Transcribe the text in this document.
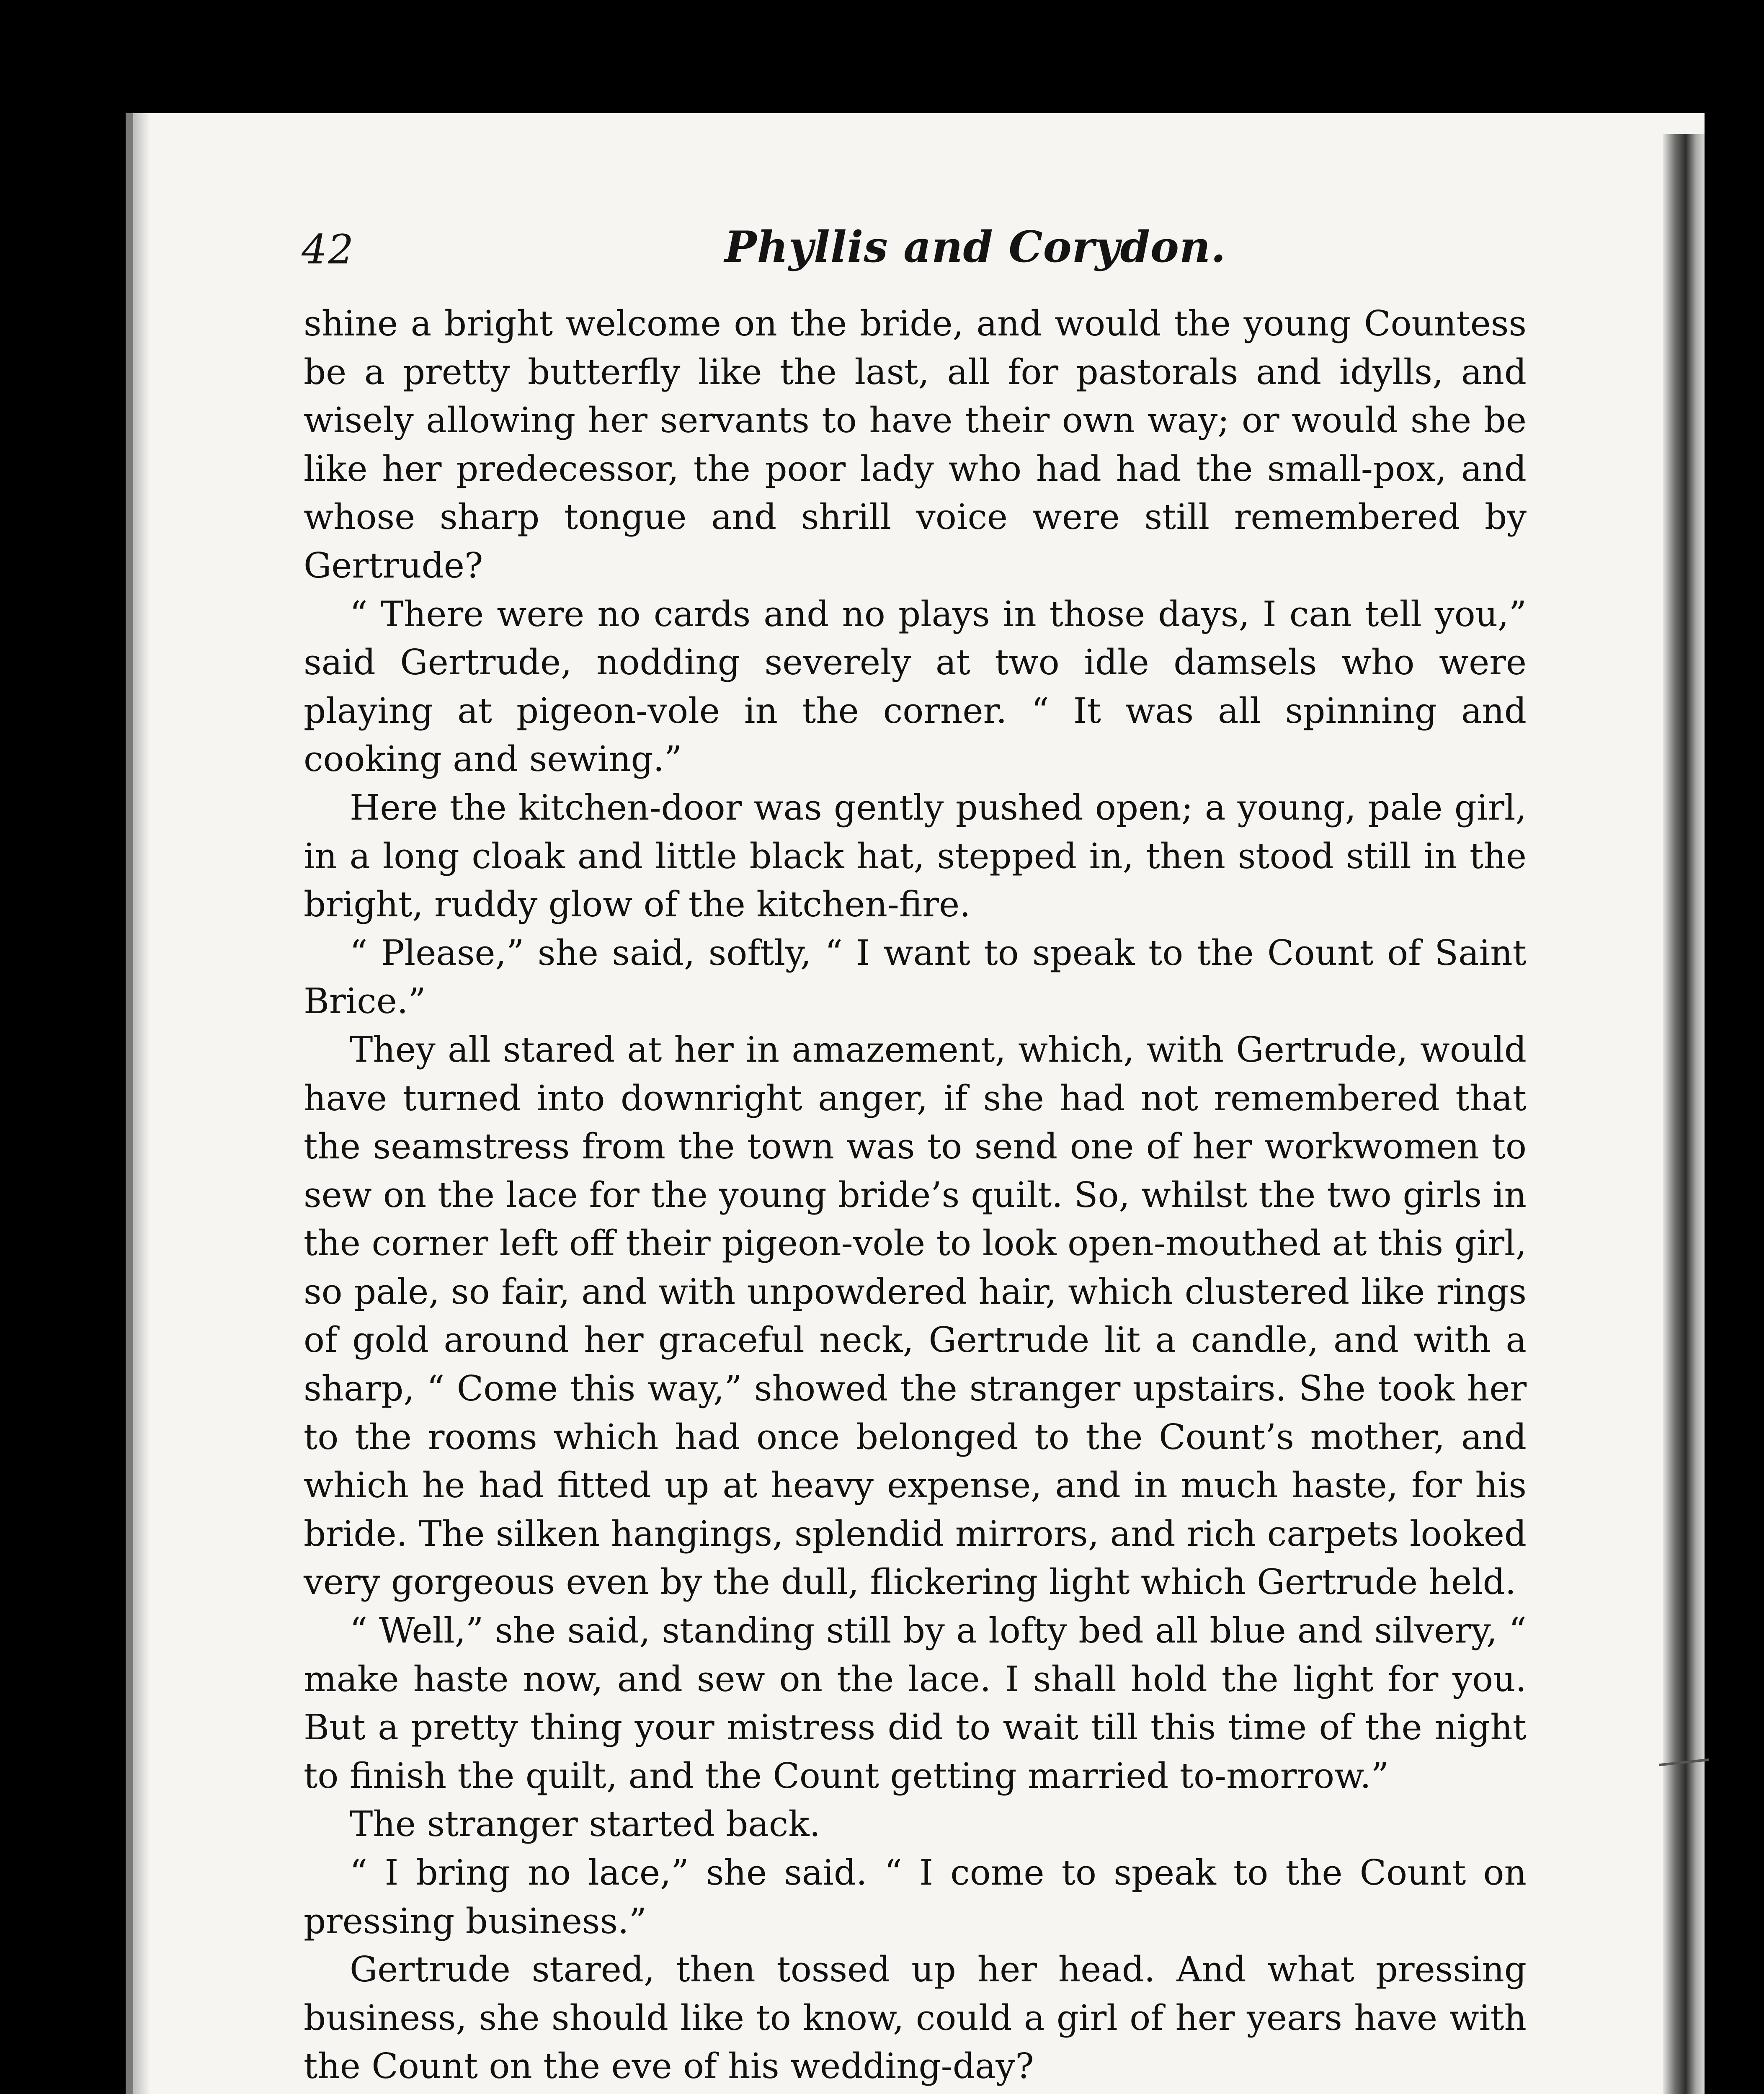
42	Phyllis and Corydon.

shine a bright welcome on the bride, and would the young Countess be a pretty butterfly like the last, all for pastorals and idylls, and wisely allowing her servants to have their own way; or would she be like her predecessor, the poor lady who had had the small-pox, and whose sharp tongue and shrill voice were still remembered by Gertrude?

“ There were no cards and no plays in those days, I can tell you,” said Gertrude, nodding severely at two idle damsels who were playing at pigeon-vole in the corner. “ It was all spinning and cooking and sewing.”

Here the kitchen-door was gently pushed open; a young, pale girl, in a long cloak and little black hat, stepped in, then stood still in the bright, ruddy glow of the kitchen-fire.

“ Please,” she said, softly, “ I want to speak to the Count of Saint Brice.”

They all stared at her in amazement, which, with Gertrude, would have turned into downright anger, if she had not remembered that the seamstress from the town was to send one of her workwomen to sew on the lace for the young bride’s quilt. So, whilst the two girls in the corner left off their pigeon-vole to look open-mouthed at this girl, so pale, so fair, and with unpowdered hair, which clustered like rings of gold around her graceful neck, Gertrude lit a candle, and with a sharp, “ Come this way,” showed the stranger upstairs. She took her to the rooms which had once belonged to the Count’s mother, and which he had fitted up at heavy expense, and in much haste, for his bride. The silken hangings, splendid mirrors, and rich carpets looked very gorgeous even by the dull, flickering light which Gertrude held.

“ Well,” she said, standing still by a lofty bed all blue and silvery, “ make haste now, and sew on the lace. I shall hold the light for you. But a pretty thing your mistress did to wait till this time of the night to finish the quilt, and the Count getting married to-morrow.”

The stranger started back.

“ I bring no lace,” she said. “ I come to speak to the Count on pressing business.”

Gertrude stared, then tossed up her head. And what pressing business, she should like to know, could a girl of her years have with the Count on the eve of his wedding-day?
